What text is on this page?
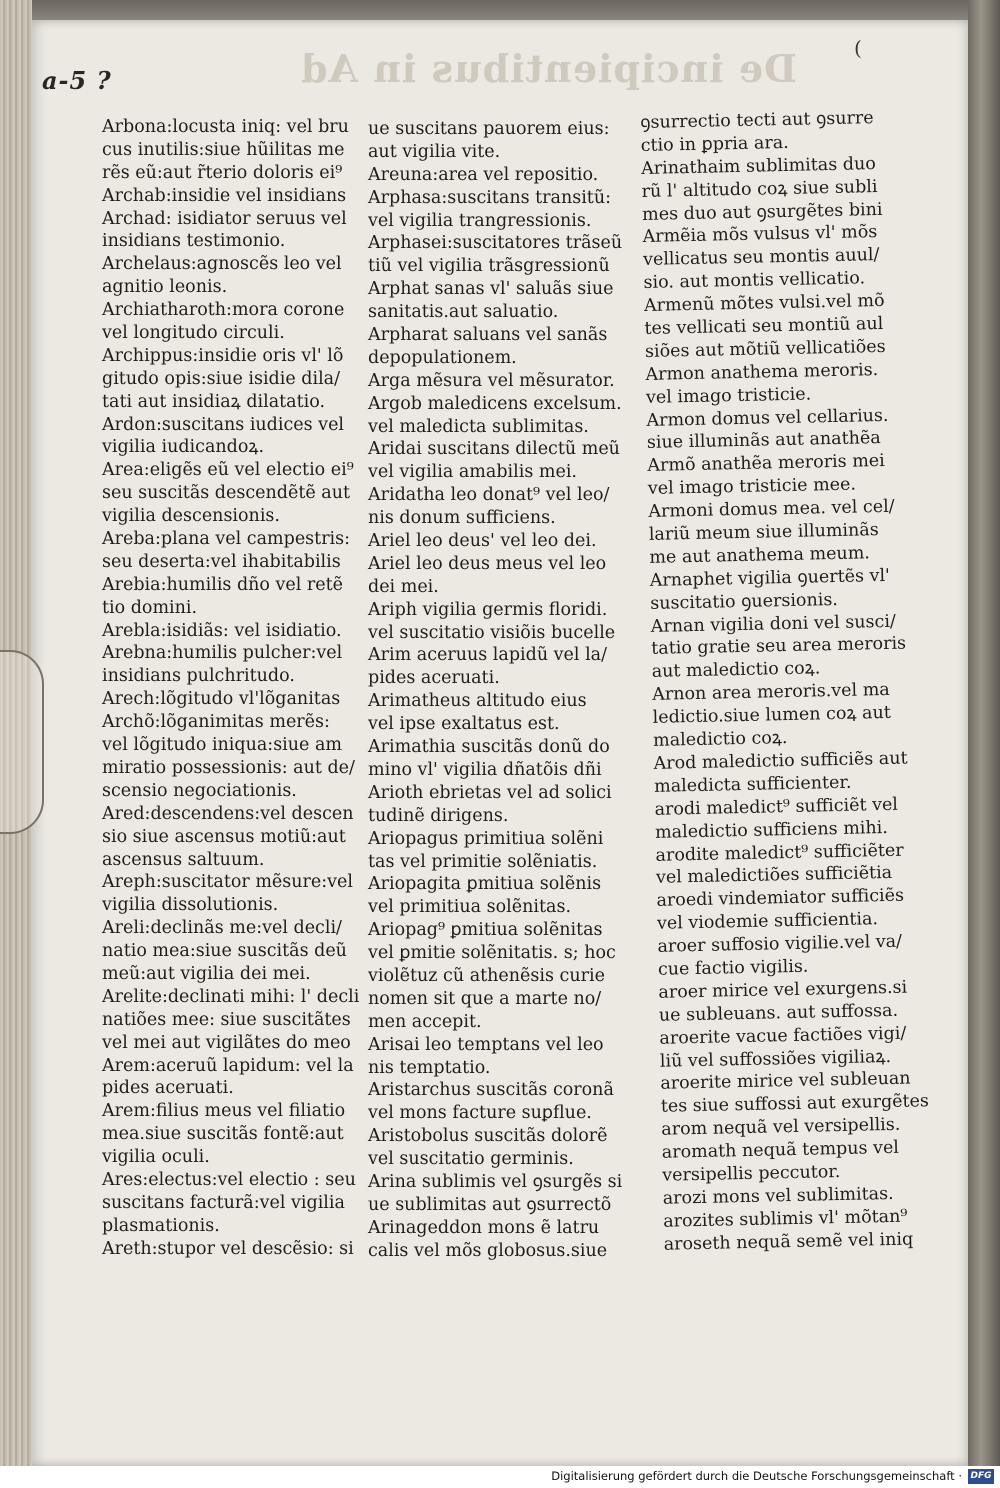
De incipientibus in Ad
a-5 ?
(
Arbona:locusta iniq: vel bru
cus inutilis:siue hũilitas me
rẽs eũ:aut r̃terio doloris ei⁹
Archab:insidie vel insidians
Archad: isidiator seruus vel
insidians testimonio.
Archelaus:agnoscẽs leo vel
agnitio leonis.
Archiatharoth:mora corone
vel longitudo circuli.
Archippus:insidie oris vl' lõ
gitudo opis:siue isidie dila/
tati aut insidiaꝝ dilatatio.
Ardon:suscitans iudices vel
vigilia iudicandoꝝ.
Area:eligẽs eũ vel electio ei⁹
seu suscitãs descendẽtẽ aut
vigilia descensionis.
Areba:plana vel campestris:
seu deserta:vel ihabitabilis
Arebia:humilis dño vel retẽ
tio domini.
Arebla:isidiãs: vel isidiatio.
Arebna:humilis pulcher:vel
insidians pulchritudo.
Arech:lõgitudo vl'lõganitas
Archõ:lõganimitas merẽs:
vel lõgitudo iniqua:siue am
miratio possessionis: aut de/
scensio negociationis.
Ared:descendens:vel descen
sio siue ascensus motiũ:aut
ascensus saltuum.
Areph:suscitator mẽsure:vel
vigilia dissolutionis.
Areli:declinãs me:vel decli/
natio mea:siue suscitãs deũ
meũ:aut vigilia dei mei.
Arelite:declinati mihi: l' decli
natiões mee: siue suscitãtes
vel mei aut vigilãtes do meo
Arem:aceruũ lapidum: vel la
pides aceruati.
Arem:filius meus vel filiatio
mea.siue suscitãs fontẽ:aut
vigilia oculi.
Ares:electus:vel electio : seu
suscitans facturã:vel vigilia
plasmationis.
Areth:stupor vel descẽsio: si
ue suscitans pauorem eius:
aut vigilia vite.
Areuna:area vel repositio.
Arphasa:suscitans transitũ:
vel vigilia trangressionis.
Arphasei:suscitatores trãseũ
tiũ vel vigilia trãsgressionũ
Arphat sanas vl' saluãs siue
sanitatis.aut saluatio.
Arpharat saluans vel sanãs
depopulationem.
Arga mẽsura vel mẽsurator.
Argob maledicens excelsum.
vel maledicta sublimitas.
Aridai suscitans dilectũ meũ
vel vigilia amabilis mei.
Aridatha leo donat⁹ vel leo/
nis donum sufficiens.
Ariel leo deus' vel leo dei.
Ariel leo deus meus vel leo
dei mei.
Ariph vigilia germis floridi.
vel suscitatio visiõis bucelle
Arim aceruus lapidũ vel la/
pides aceruati.
Arimatheus altitudo eius
vel ipse exaltatus est.
Arimathia suscitãs donũ do
mino vl' vigilia dñatõis dñi
Arioth ebrietas vel ad solici
tudinẽ dirigens.
Ariopagus primitiua solẽni
tas vel primitie solẽniatis.
Ariopagita ꝑmitiua solẽnis
vel primitiua solẽnitas.
Ariopag⁹ ꝑmitiua solẽnitas
vel ꝑmitie solẽnitatis. s; hoc
violẽtuz cũ athenẽsis curie
nomen sit que a marte no/
men accepit.
Arisai leo temptans vel leo
nis temptatio.
Aristarchus suscitãs coronã
vel mons facture suꝑflue.
Aristobolus suscitãs dolorẽ
vel suscitatio germinis.
Arina sublimis vel ꝯsurgẽs si
ue sublimitas aut ꝯsurrectõ
Arinageddon mons ẽ latru
calis vel mõs globosus.siue
ꝯsurrectio tecti aut ꝯsurre
ctio in ꝑpria ara.
Arinathaim sublimitas duo
rũ l' altitudo coꝝ siue subli
mes duo aut ꝯsurgẽtes bini
Armẽia mõs vulsus vl' mõs
vellicatus seu montis auul/
sio. aut montis vellicatio.
Armenũ mõtes vulsi.vel mõ
tes vellicati seu montiũ aul
siões aut mõtiũ vellicatiões
Armon anathema meroris.
vel imago tristicie.
Armon domus vel cellarius.
siue illuminãs aut anathẽa
Armõ anathẽa meroris mei
vel imago tristicie mee.
Armoni domus mea. vel cel/
lariũ meum siue illuminãs
me aut anathema meum.
Arnaphet vigilia ꝯuertẽs vl'
suscitatio ꝯuersionis.
Arnan vigilia doni vel susci/
tatio gratie seu area meroris
aut maledictio coꝝ.
Arnon area meroris.vel ma
ledictio.siue lumen coꝝ aut
maledictio coꝝ.
Arod maledictio sufficiẽs aut
maledicta sufficienter.
arodi maledict⁹ sufficiẽt vel
maledictio sufficiens mihi.
arodite maledict⁹ sufficiẽter
vel maledictiões sufficiẽtia
aroedi vindemiator sufficiẽs
vel viodemie sufficientia.
aroer suffosio vigilie.vel va/
cue factio vigilis.
aroer mirice vel exurgens.si
ue subleuans. aut suffossa.
aroerite vacue factiões vigi/
liũ vel suffossiões vigiliaꝝ.
aroerite mirice vel subleuan
tes siue suffossi aut exurgẽtes
arom nequã vel versipellis.
aromath nequã tempus vel
versipellis peccutor.
arozi mons vel sublimitas.
arozites sublimis vl' mõtan⁹
aroseth nequã semẽ vel iniq
Digitalisierung gefördert durch die Deutsche Forschungsgemeinschaft · DFG
